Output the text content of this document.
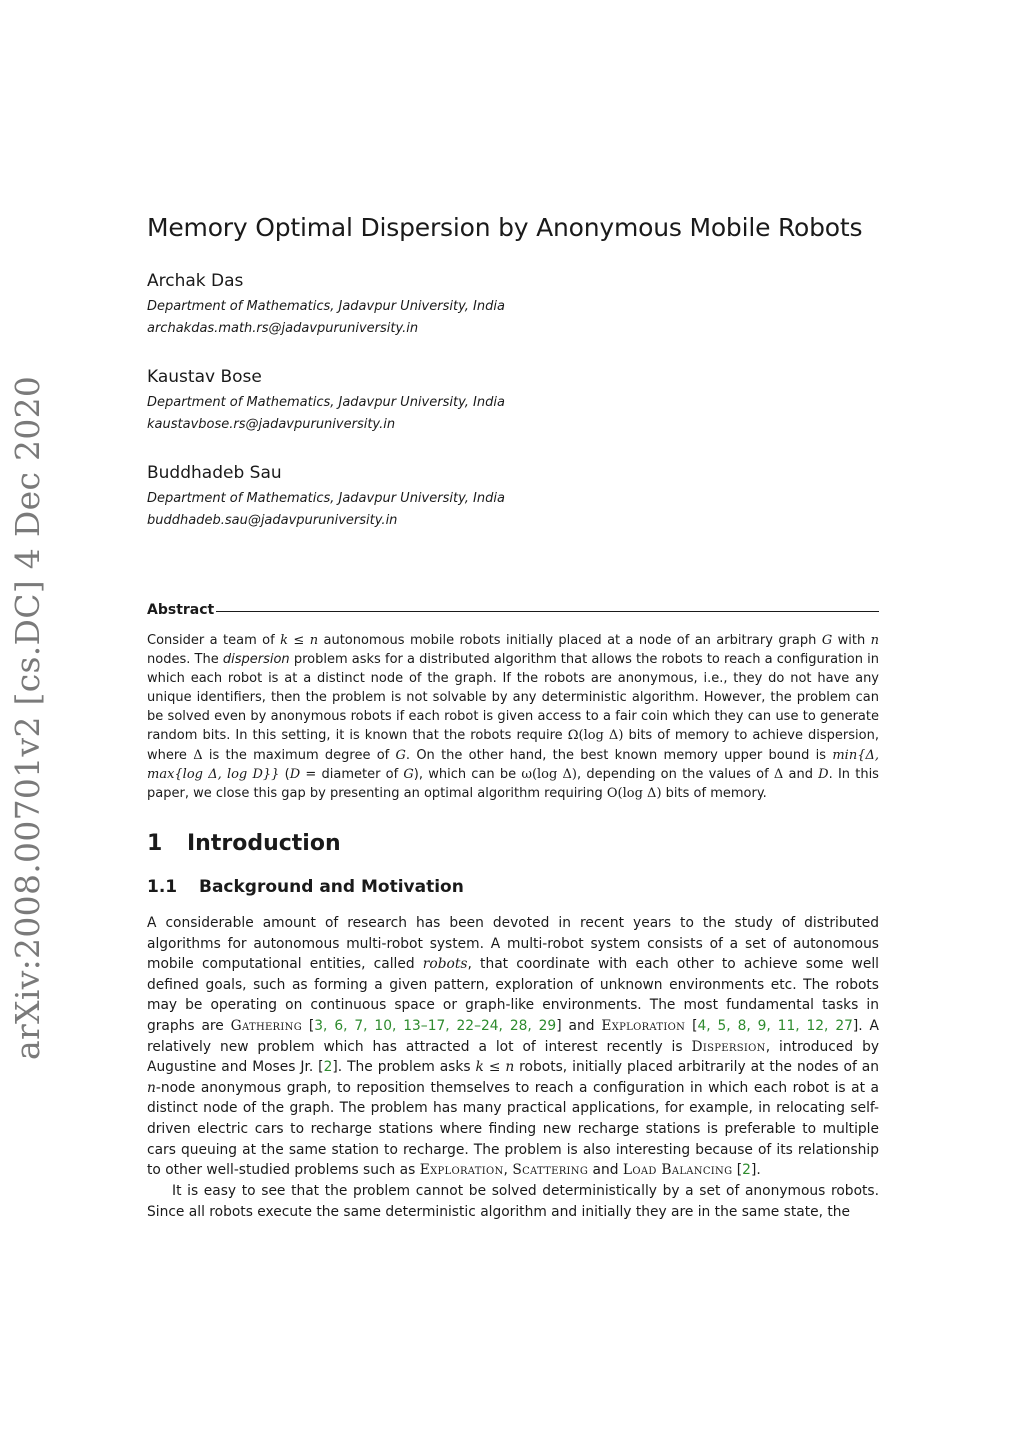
arXiv:2008.00701v2 [cs.DC] 4 Dec 2020
Memory Optimal Dispersion by Anonymous Mobile Robots

Archak Das

Department of Mathematics, Jadavpur University, India

archakdas.math.rs@jadavpuruniversity.in

Kaustav Bose

Department of Mathematics, Jadavpur University, India

kaustavbose.rs@jadavpuruniversity.in

Buddhadeb Sau

Department of Mathematics, Jadavpur University, India

buddhadeb.sau@jadavpuruniversity.in

Abstract

Consider a team of k ≤ n autonomous mobile robots initially placed at a node of an arbitrary graph G with n nodes. The dispersion problem asks for a distributed algorithm that allows the robots to reach a configuration in which each robot is at a distinct node of the graph. If the robots are anonymous, i.e., they do not have any unique identifiers, then the problem is not solvable by any deterministic algorithm. However, the problem can be solved even by anonymous robots if each robot is given access to a fair coin which they can use to generate random bits. In this setting, it is known that the robots require Ω(log Δ) bits of memory to achieve dispersion, where Δ is the maximum degree of G. On the other hand, the best known memory upper bound is min{Δ, max{log Δ, log D}} (D = diameter of G), which can be ω(log Δ), depending on the values of Δ and D. In this paper, we close this gap by presenting an optimal algorithm requiring O(log Δ) bits of memory.

1 Introduction
1.1 Background and Motivation

A considerable amount of research has been devoted in recent years to the study of distributed algorithms for autonomous multi-robot system. A multi-robot system consists of a set of autonomous mobile computational entities, called robots, that coordinate with each other to achieve some well defined goals, such as forming a given pattern, exploration of unknown environments etc. The robots may be operating on continuous space or graph-like environments. The most fundamental tasks in graphs are Gathering [3, 6, 7, 10, 13–17, 22–24, 28, 29] and Exploration [4, 5, 8, 9, 11, 12, 27]. A relatively new problem which has attracted a lot of interest recently is Dispersion, introduced by Augustine and Moses Jr. [2]. The problem asks k ≤ n robots, initially placed arbitrarily at the nodes of an n-node anonymous graph, to reposition themselves to reach a configuration in which each robot is at a distinct node of the graph. The problem has many practical applications, for example, in relocating self-driven electric cars to recharge stations where finding new recharge stations is preferable to multiple cars queuing at the same station to recharge. The problem is also interesting because of its relationship to other well-studied problems such as Exploration, Scattering and Load Balancing [2].

It is easy to see that the problem cannot be solved deterministically by a set of anonymous robots. Since all robots execute the same deterministic algorithm and initially they are in the same state, the
